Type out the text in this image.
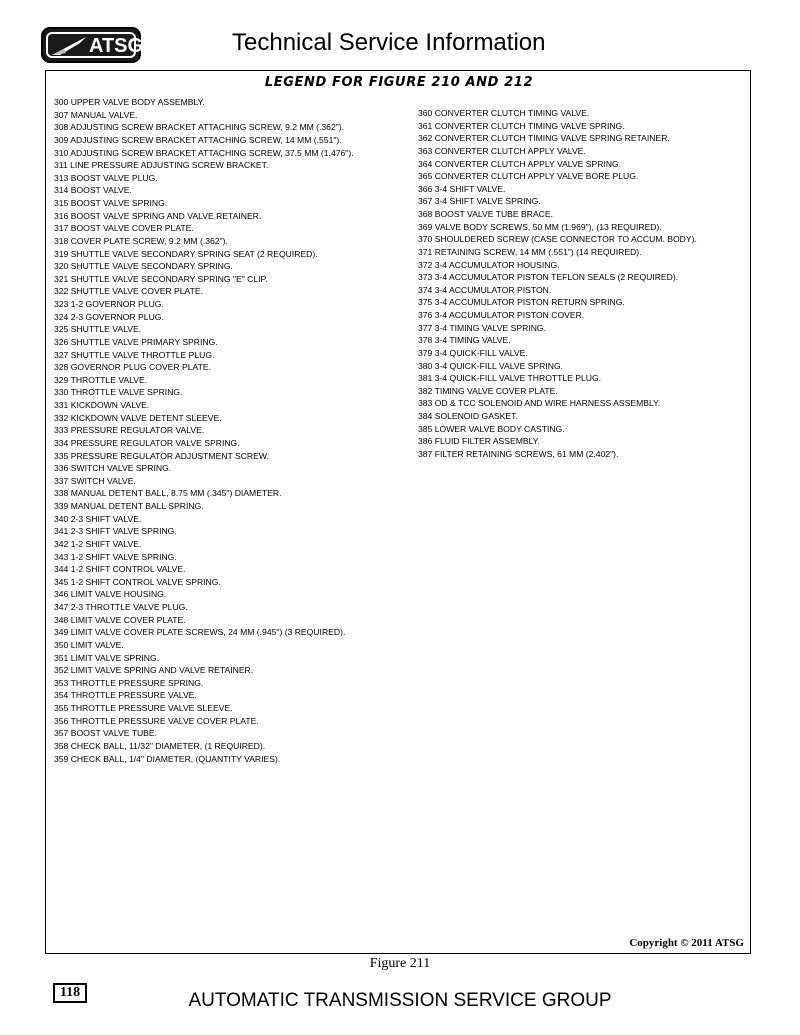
ATSG	Technical Service Information
LEGEND FOR FIGURE 210 AND 212
300 UPPER VALVE BODY ASSEMBLY.
307 MANUAL VALVE.
308 ADJUSTING SCREW BRACKET ATTACHING SCREW, 9.2 MM (.362").
309 ADJUSTING SCREW BRACKET ATTACHING SCREW, 14 MM (.551").
310 ADJUSTING SCREW BRACKET ATTACHING SCREW, 37.5 MM (1.476").
311 LINE PRESSURE ADJUSTING SCREW BRACKET.
313 BOOST VALVE PLUG.
314 BOOST VALVE.
315 BOOST VALVE SPRING.
316 BOOST VALVE SPRING AND VALVE RETAINER.
317 BOOST VALVE COVER PLATE.
318 COVER PLATE SCREW, 9.2 MM (.362").
319 SHUTTLE VALVE SECONDARY SPRING SEAT (2 REQUIRED).
320 SHUTTLE VALVE SECONDARY SPRING.
321 SHUTTLE VALVE SECONDARY SPRING "E" CLIP.
322 SHUTTLE VALVE COVER PLATE.
323 1-2 GOVERNOR PLUG.
324 2-3 GOVERNOR PLUG.
325 SHUTTLE VALVE.
326 SHUTTLE VALVE PRIMARY SPRING.
327 SHUTTLE VALVE THROTTLE PLUG.
328 GOVERNOR PLUG COVER PLATE.
329 THROTTLE VALVE.
330 THROTTLE VALVE SPRING.
331 KICKDOWN VALVE.
332 KICKDOWN VALVE DETENT SLEEVE.
333 PRESSURE REGULATOR VALVE.
334 PRESSURE REGULATOR VALVE SPRING.
335 PRESSURE REGULATOR ADJUSTMENT SCREW.
336 SWITCH VALVE SPRING.
337 SWITCH VALVE.
338 MANUAL DETENT BALL, 8.75 MM (.345") DIAMETER.
339 MANUAL DETENT BALL SPRING.
340 2-3 SHIFT VALVE.
341 2-3 SHIFT VALVE SPRING.
342 1-2 SHIFT VALVE.
343 1-2 SHIFT VALVE SPRING.
344 1-2 SHIFT CONTROL VALVE.
345 1-2 SHIFT CONTROL VALVE SPRING.
346 LIMIT VALVE HOUSING.
347 2-3 THROTTLE VALVE PLUG.
348 LIMIT VALVE COVER PLATE.
349 LIMIT VALVE COVER PLATE SCREWS, 24 MM (.945") (3 REQUIRED).
350 LIMIT VALVE.
351 LIMIT VALVE SPRING.
352 LIMIT VALVE SPRING AND VALVE RETAINER.
353 THROTTLE PRESSURE SPRING.
354 THROTTLE PRESSURE VALVE.
355 THROTTLE PRESSURE VALVE SLEEVE.
356 THROTTLE PRESSURE VALVE COVER PLATE.
357 BOOST VALVE TUBE.
358 CHECK BALL, 11/32" DIAMETER, (1 REQUIRED).
359 CHECK BALL, 1/4" DIAMETER, (QUANTITY VARIES).
360 CONVERTER CLUTCH TIMING VALVE.
361 CONVERTER CLUTCH TIMING VALVE SPRING.
362 CONVERTER CLUTCH TIMING VALVE SPRING RETAINER.
363 CONVERTER CLUTCH APPLY VALVE.
364 CONVERTER CLUTCH APPLY VALVE SPRING.
365 CONVERTER CLUTCH APPLY VALVE BORE PLUG.
366 3-4 SHIFT VALVE.
367 3-4 SHIFT VALVE SPRING.
368 BOOST VALVE TUBE BRACE.
369 VALVE BODY SCREWS, 50 MM (1.969"), (13 REQUIRED).
370 SHOULDERED SCREW (CASE CONNECTOR TO ACCUM. BODY).
371 RETAINING SCREW, 14 MM (.551") (14 REQUIRED).
372 3-4 ACCUMULATOR HOUSING.
373 3-4 ACCUMULATOR PISTON TEFLON SEALS (2 REQUIRED).
374 3-4 ACCUMULATOR PISTON.
375 3-4 ACCUMULATOR PISTON RETURN SPRING.
376 3-4 ACCUMULATOR PISTON COVER.
377 3-4 TIMING VALVE SPRING.
378 3-4 TIMING VALVE.
379 3-4 QUICK-FILL VALVE.
380 3-4 QUICK-FILL VALVE SPRING.
381 3-4 QUICK-FILL VALVE THROTTLE PLUG.
382 TIMING VALVE COVER PLATE.
383 OD & TCC SOLENOID AND WIRE HARNESS ASSEMBLY.
384 SOLENOID GASKET.
385 LOWER VALVE BODY CASTING.
386 FLUID FILTER ASSEMBLY.
387 FILTER RETAINING SCREWS, 61 MM (2.402").
Copyright © 2011 ATSG
Figure 211
118	AUTOMATIC TRANSMISSION SERVICE GROUP
